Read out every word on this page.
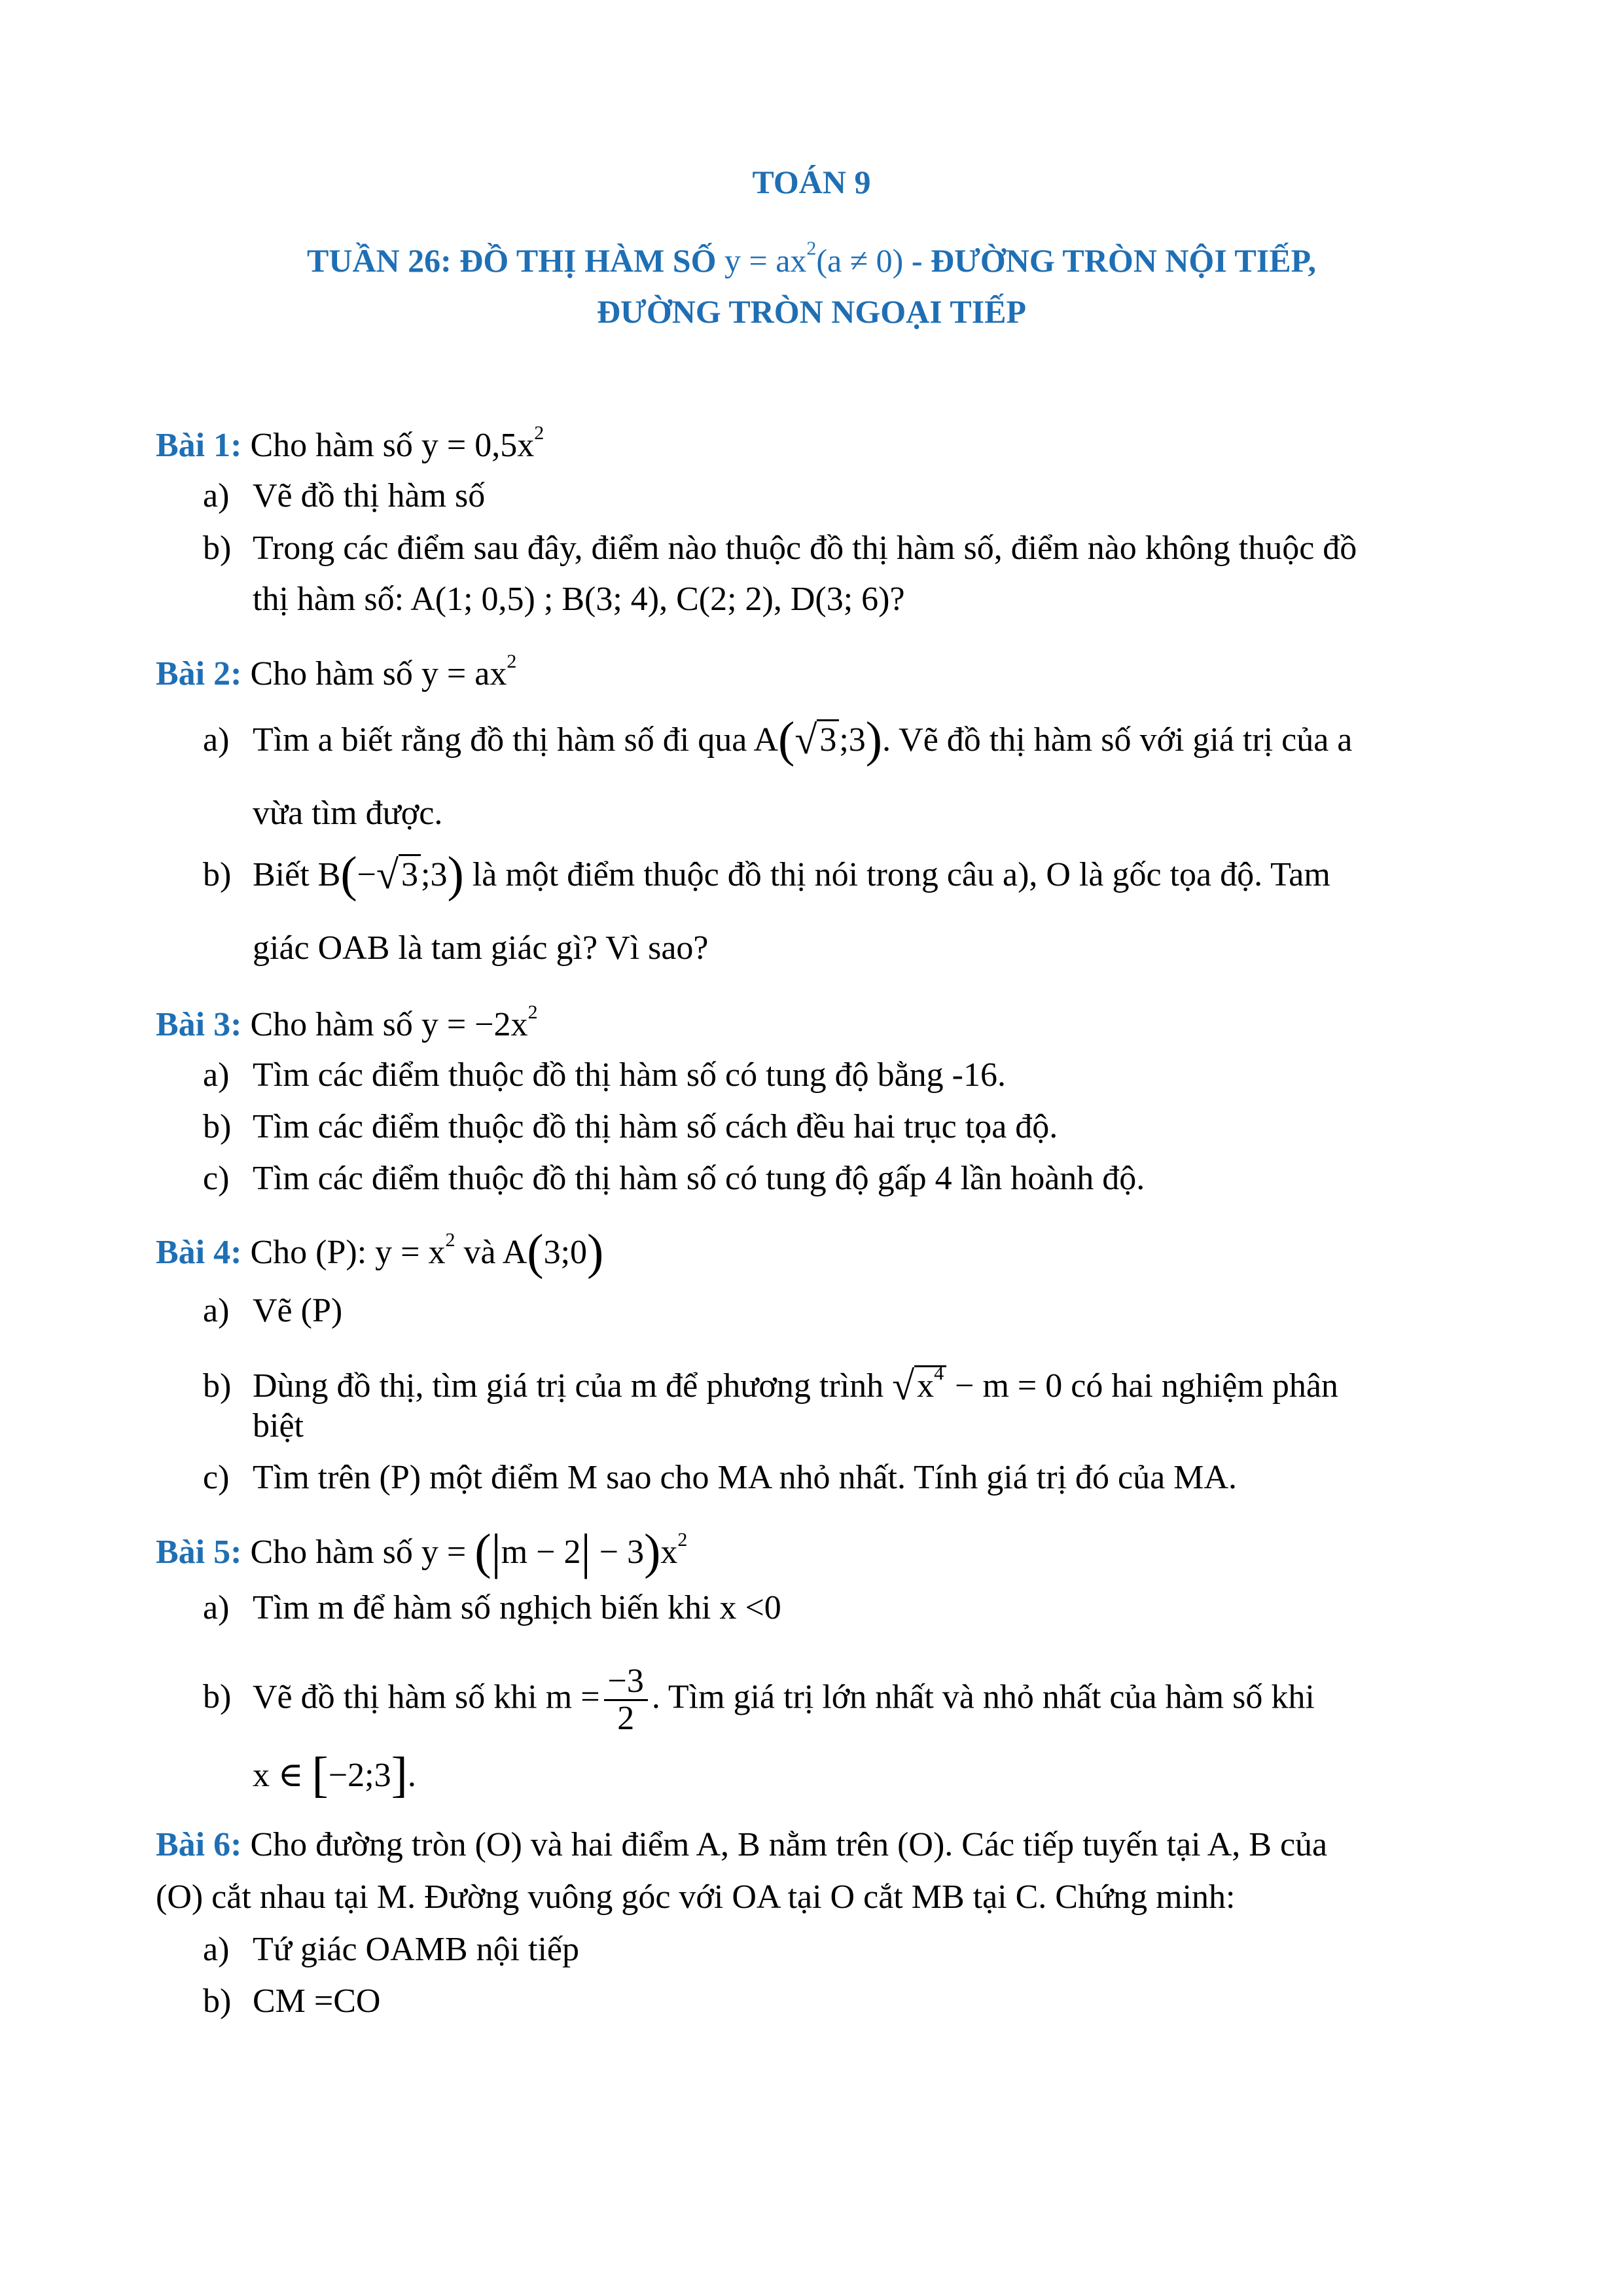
TOÁN 9
TUẦN 26: ĐỒ THỊ HÀM SỐ $y = ax^2(a \ne 0)$ - ĐƯỜNG TRÒN NỘI TIẾP,
ĐƯỜNG TRÒN NGOẠI TIẾP
Bài 1: Cho hàm số $y = 0,5x^2$
a) Vẽ đồ thị hàm số
b) Trong các điểm sau đây, điểm nào thuộc đồ thị hàm số, điểm nào không thuộc đồ
thị hàm số: A(1; 0,5) ; B(3; 4), C(2; 2), D(3; 6)?
Bài 2: Cho hàm số $y = ax^2$
a) Tìm a biết rằng đồ thị hàm số đi qua A(√3;3). Vẽ đồ thị hàm số với giá trị của a
vừa tìm được.
b) Biết B(−√3;3) là một điểm thuộc đồ thị nói trong câu a), O là gốc tọa độ. Tam
giác OAB là tam giác gì? Vì sao?
Bài 3: Cho hàm số $y = -2x^2$
a) Tìm các điểm thuộc đồ thị hàm số có tung độ bằng -16.
b) Tìm các điểm thuộc đồ thị hàm số cách đều hai trục tọa độ.
c) Tìm các điểm thuộc đồ thị hàm số có tung độ gấp 4 lần hoành độ.
Bài 4: Cho (P): $y = x^2$ và A(3;0)
a) Vẽ (P)
b) Dùng đồ thị, tìm giá trị của m để phương trình $√x^4 - m = 0$ có hai nghiệm phân
biệt
c) Tìm trên (P) một điểm M sao cho MA nhỏ nhất. Tính giá trị đó của MA.
Bài 5: Cho hàm số $y = (|m - 2| - 3)x^2$
a) Tìm m để hàm số nghịch biến khi x <0
b) Vẽ đồ thị hàm số khi $m = \frac{-3}{2}$ . Tìm giá trị lớn nhất và nhỏ nhất của hàm số khi
x ∈ [−2;3].
Bài 6: Cho đường tròn (O) và hai điểm A, B nằm trên (O). Các tiếp tuyến tại A, B của
(O) cắt nhau tại M. Đường vuông góc với OA tại O cắt MB tại C. Chứng minh:
a) Tứ giác OAMB nội tiếp
b) CM =CO
